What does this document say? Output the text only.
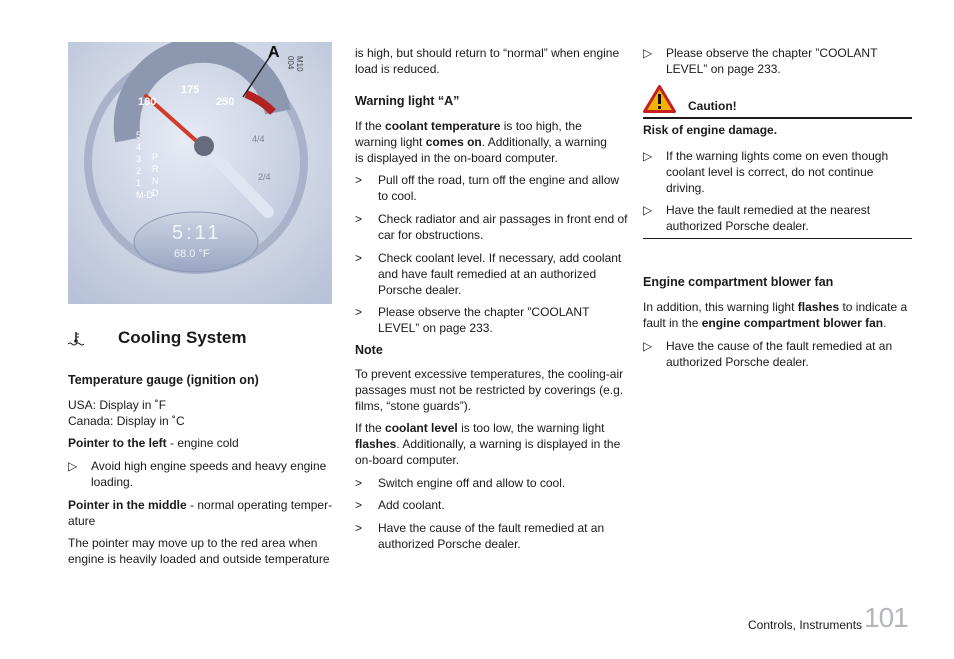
A
M10 004
100
175
250
4/4
2/4
5
4
3
2
1
M-D
P
R
N
D
5:11
68.0 °F
Cooling System
Temperature gauge (ignition on)

USA: Display in ˚F

Canada: Display in ˚C

Pointer to the left - engine cold

▷ Avoid high engine speeds and heavy engine
loading.

Pointer in the middle - normal operating temper-

ature

The pointer may move up to the red area when

engine is heavily loaded and outside temperature

is high, but should return to “normal” when engine

load is reduced.

Warning light “A”

If the coolant temperature is too high, the

warning light comes on. Additionally, a warning

is displayed in the on-board computer.

> Pull off the road, turn off the engine and allow
to cool.
> Check radiator and air passages in front end of
car for obstructions.
> Check coolant level. If necessary, add coolant
and have fault remedied at an authorized
Porsche dealer.
> Please observe the chapter ”COOLANT
LEVEL” on page 233.
Note

To prevent excessive temperatures, the cooling-air

passages must not be restricted by coverings (e.g.

films, “stone guards”).

If the coolant level is too low, the warning light

flashes. Additionally, a warning is displayed in the

on-board computer.

> Switch engine off and allow to cool.
> Add coolant.
> Have the cause of the fault remedied at an
authorized Porsche dealer.
▷ Please observe the chapter ”COOLANT
LEVEL” on page 233.
Caution!
Risk of engine damage.
▷ If the warning lights come on even though
coolant level is correct, do not continue
driving.
▷ Have the fault remedied at the nearest
authorized Porsche dealer.
Engine compartment blower fan

In addition, this warning light flashes to indicate a

fault in the engine compartment blower fan.

▷ Have the cause of the fault remedied at an
authorized Porsche dealer.
Controls, Instruments 101
